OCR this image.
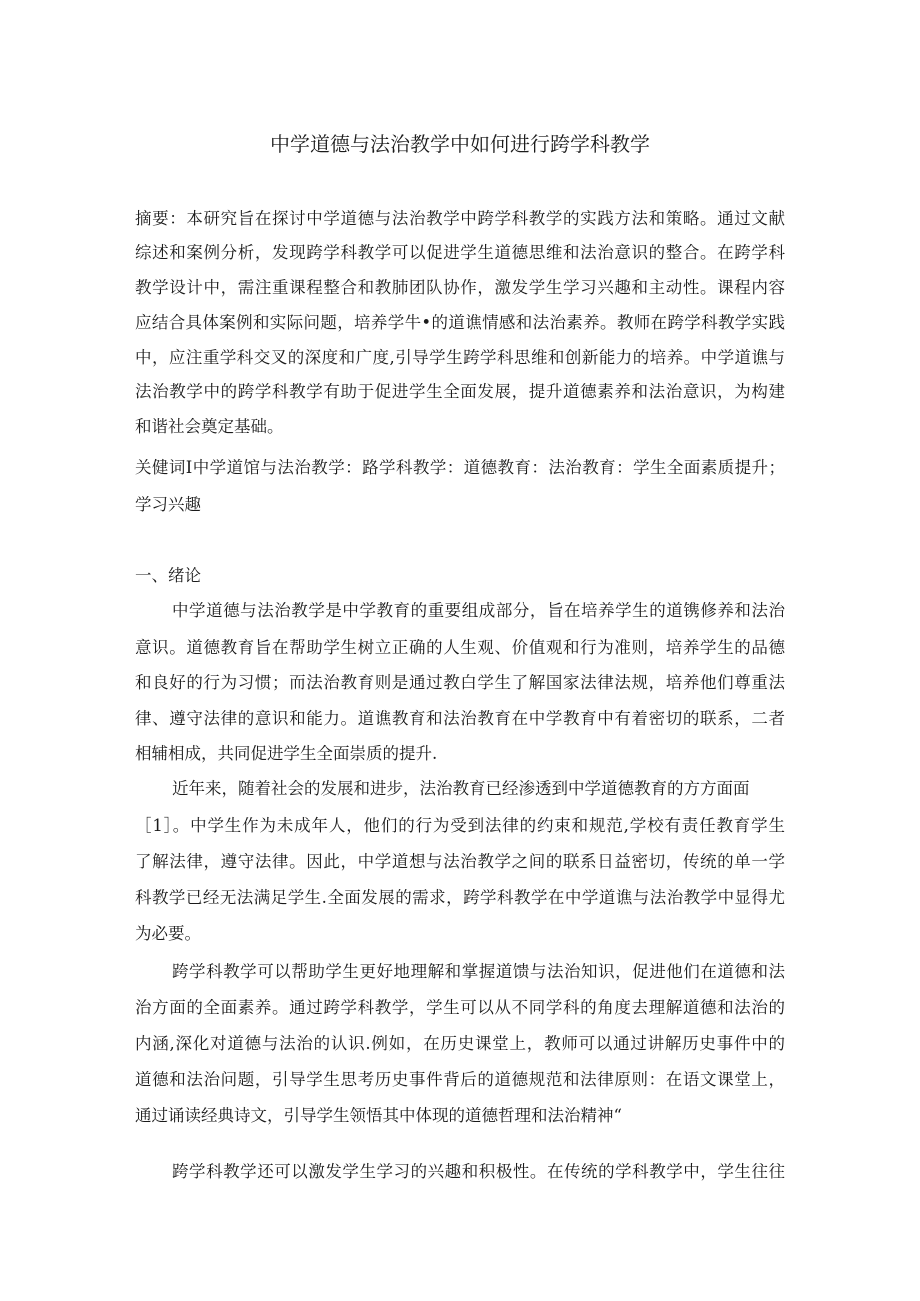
中学道德与法治教学中如何进行跨学科教学
摘要：本研究旨在探讨中学道德与法治教学中跨学科教学的实践方法和策略。通过文献
综述和案例分析，发现跨学科教学可以促进学生道德思维和法治意识的整合。在跨学科
教学设计中，需注重课程整合和教肺团队协作，激发学生学习兴趣和主动性。课程内容
应结合具体案例和实际问题，培养学牛•的道谯情感和法治素养。教师在跨学科教学实践
中，应注重学科交叉的深度和广度,引导学生跨学科思维和创新能力的培养。中学道谯与
法治教学中的跨学科教学有助于促进学生全面发展，提升道德素养和法治意识，为构建
和谐社会奠定基础。
关健词I中学道馆与法治教学：路学科教学：道德教育：法治教育：学生全面素质提升；
学习兴趣
一、绪论
中学道德与法治教学是中学教育的重要组成部分，旨在培养学生的道镌修养和法治
意识。道德教育旨在帮助学生树立正确的人生观、价值观和行为准则，培养学生的品德
和良好的行为习惯；而法治教育则是通过教白学生了解国家法律法规，培养他们尊重法
律、遵守法律的意识和能力。道谯教育和法治教育在中学教育中有着密切的联系，二者
相辅相成，共同促进学生全面崇质的提升.
近年来，随着社会的发展和进步，法治教育已经渗透到中学道德教育的方方面面
［1］。中学生作为未成年人，他们的行为受到法律的约束和规范,学校有责任教育学生
了解法律，遵守法律。因此，中学道想与法治教学之间的联系日益密切，传统的单一学
科教学已经无法满足学生.全面发展的需求，跨学科教学在中学道谯与法治教学中显得尤
为必要。
跨学科教学可以帮助学生更好地理解和掌握道馈与法治知识，促进他们在道德和法
治方面的全面素养。通过跨学科教学，学生可以从不同学科的角度去理解道德和法治的
内涵,深化对道德与法治的认识.例如，在历史课堂上，教师可以通过讲解历史事件中的
道德和法治问题，引导学生思考历史事件背后的道德规范和法律原则：在语文课堂上，
通过诵读经典诗文，引导学生领悟其中体现的道德哲理和法治精神“
跨学科教学还可以激发学生学习的兴趣和积极性。在传统的学科教学中，学生往往
